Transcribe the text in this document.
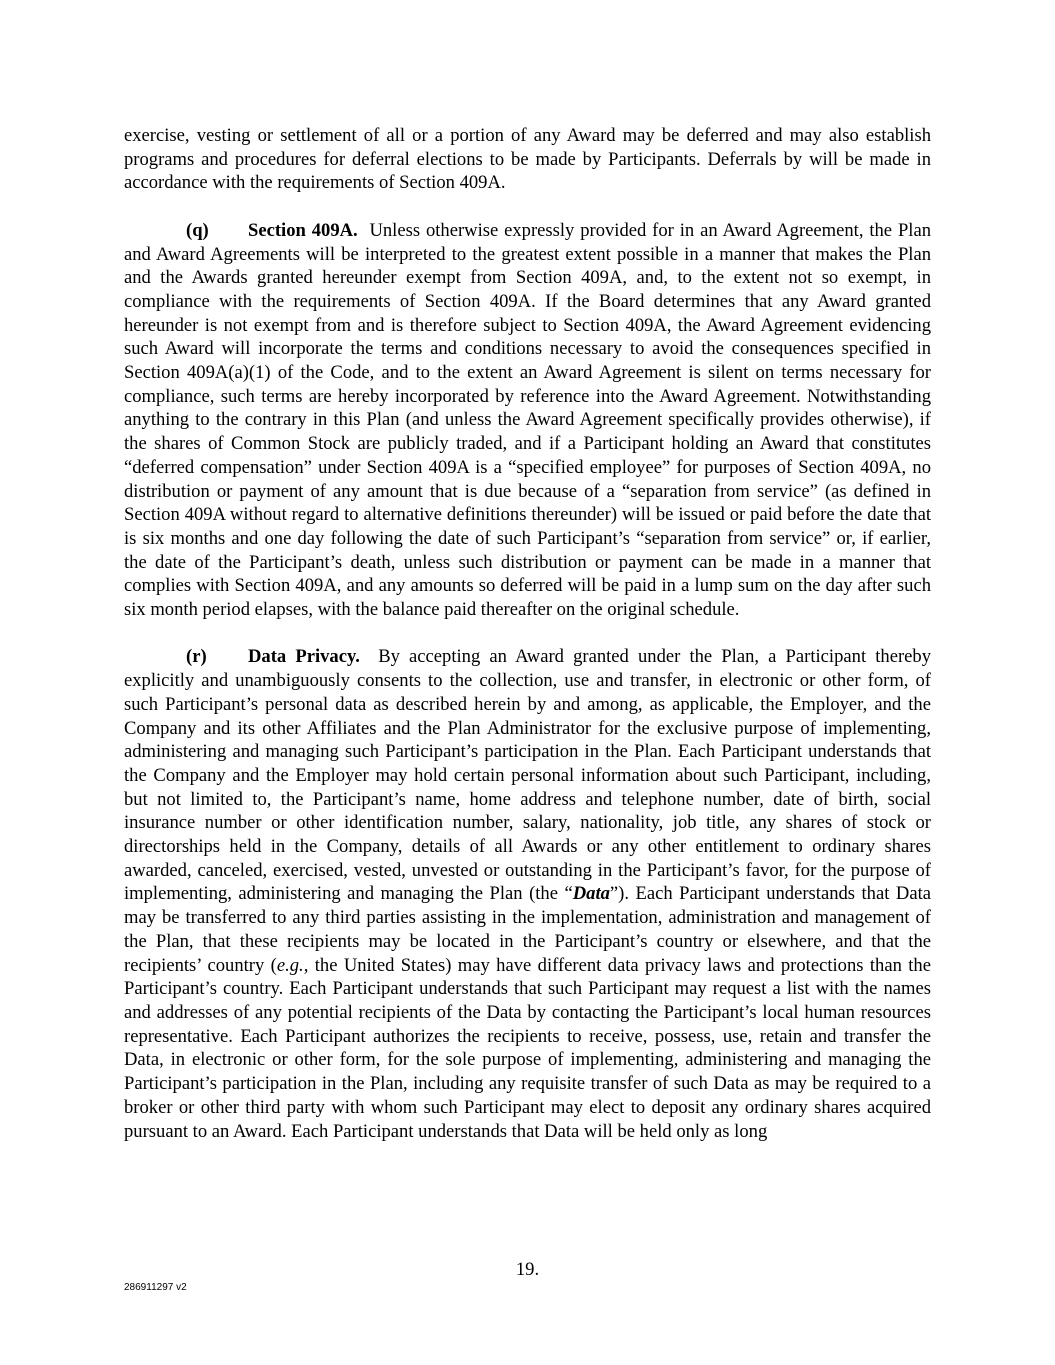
exercise, vesting or settlement of all or a portion of any Award may be deferred and may also establish programs and procedures for deferral elections to be made by Participants. Deferrals by will be made in accordance with the requirements of Section 409A.

(q) Section 409A. Unless otherwise expressly provided for in an Award Agreement, the Plan and Award Agreements will be interpreted to the greatest extent possible in a manner that makes the Plan and the Awards granted hereunder exempt from Section 409A, and, to the extent not so exempt, in compliance with the requirements of Section 409A. If the Board determines that any Award granted hereunder is not exempt from and is therefore subject to Section 409A, the Award Agreement evidencing such Award will incorporate the terms and conditions necessary to avoid the consequences specified in Section 409A(a)(1) of the Code, and to the extent an Award Agreement is silent on terms necessary for compliance, such terms are hereby incorporated by reference into the Award Agreement. Notwithstanding anything to the contrary in this Plan (and unless the Award Agreement specifically provides otherwise), if the shares of Common Stock are publicly traded, and if a Participant holding an Award that constitutes “deferred compensation” under Section 409A is a “specified employee” for purposes of Section 409A, no distribution or payment of any amount that is due because of a “separation from service” (as defined in Section 409A without regard to alternative definitions thereunder) will be issued or paid before the date that is six months and one day following the date of such Participant’s “separation from service” or, if earlier, the date of the Participant’s death, unless such distribution or payment can be made in a manner that complies with Section 409A, and any amounts so deferred will be paid in a lump sum on the day after such six month period elapses, with the balance paid thereafter on the original schedule.

(r) Data Privacy. By accepting an Award granted under the Plan, a Participant thereby explicitly and unambiguously consents to the collection, use and transfer, in electronic or other form, of such Participant’s personal data as described herein by and among, as applicable, the Employer, and the Company and its other Affiliates and the Plan Administrator for the exclusive purpose of implementing, administering and managing such Participant’s participation in the Plan. Each Participant understands that the Company and the Employer may hold certain personal information about such Participant, including, but not limited to, the Participant’s name, home address and telephone number, date of birth, social insurance number or other identification number, salary, nationality, job title, any shares of stock or directorships held in the Company, details of all Awards or any other entitlement to ordinary shares awarded, canceled, exercised, vested, unvested or outstanding in the Participant’s favor, for the purpose of implementing, administering and managing the Plan (the “Data”). Each Participant understands that Data may be transferred to any third parties assisting in the implementation, administration and management of the Plan, that these recipients may be located in the Participant’s country or elsewhere, and that the recipients’ country (e.g., the United States) may have different data privacy laws and protections than the Participant’s country. Each Participant understands that such Participant may request a list with the names and addresses of any potential recipients of the Data by contacting the Participant’s local human resources representative. Each Participant authorizes the recipients to receive, possess, use, retain and transfer the Data, in electronic or other form, for the sole purpose of implementing, administering and managing the Participant’s participation in the Plan, including any requisite transfer of such Data as may be required to a broker or other third party with whom such Participant may elect to deposit any ordinary shares acquired pursuant to an Award. Each Participant understands that Data will be held only as long

19.
286911297 v2
